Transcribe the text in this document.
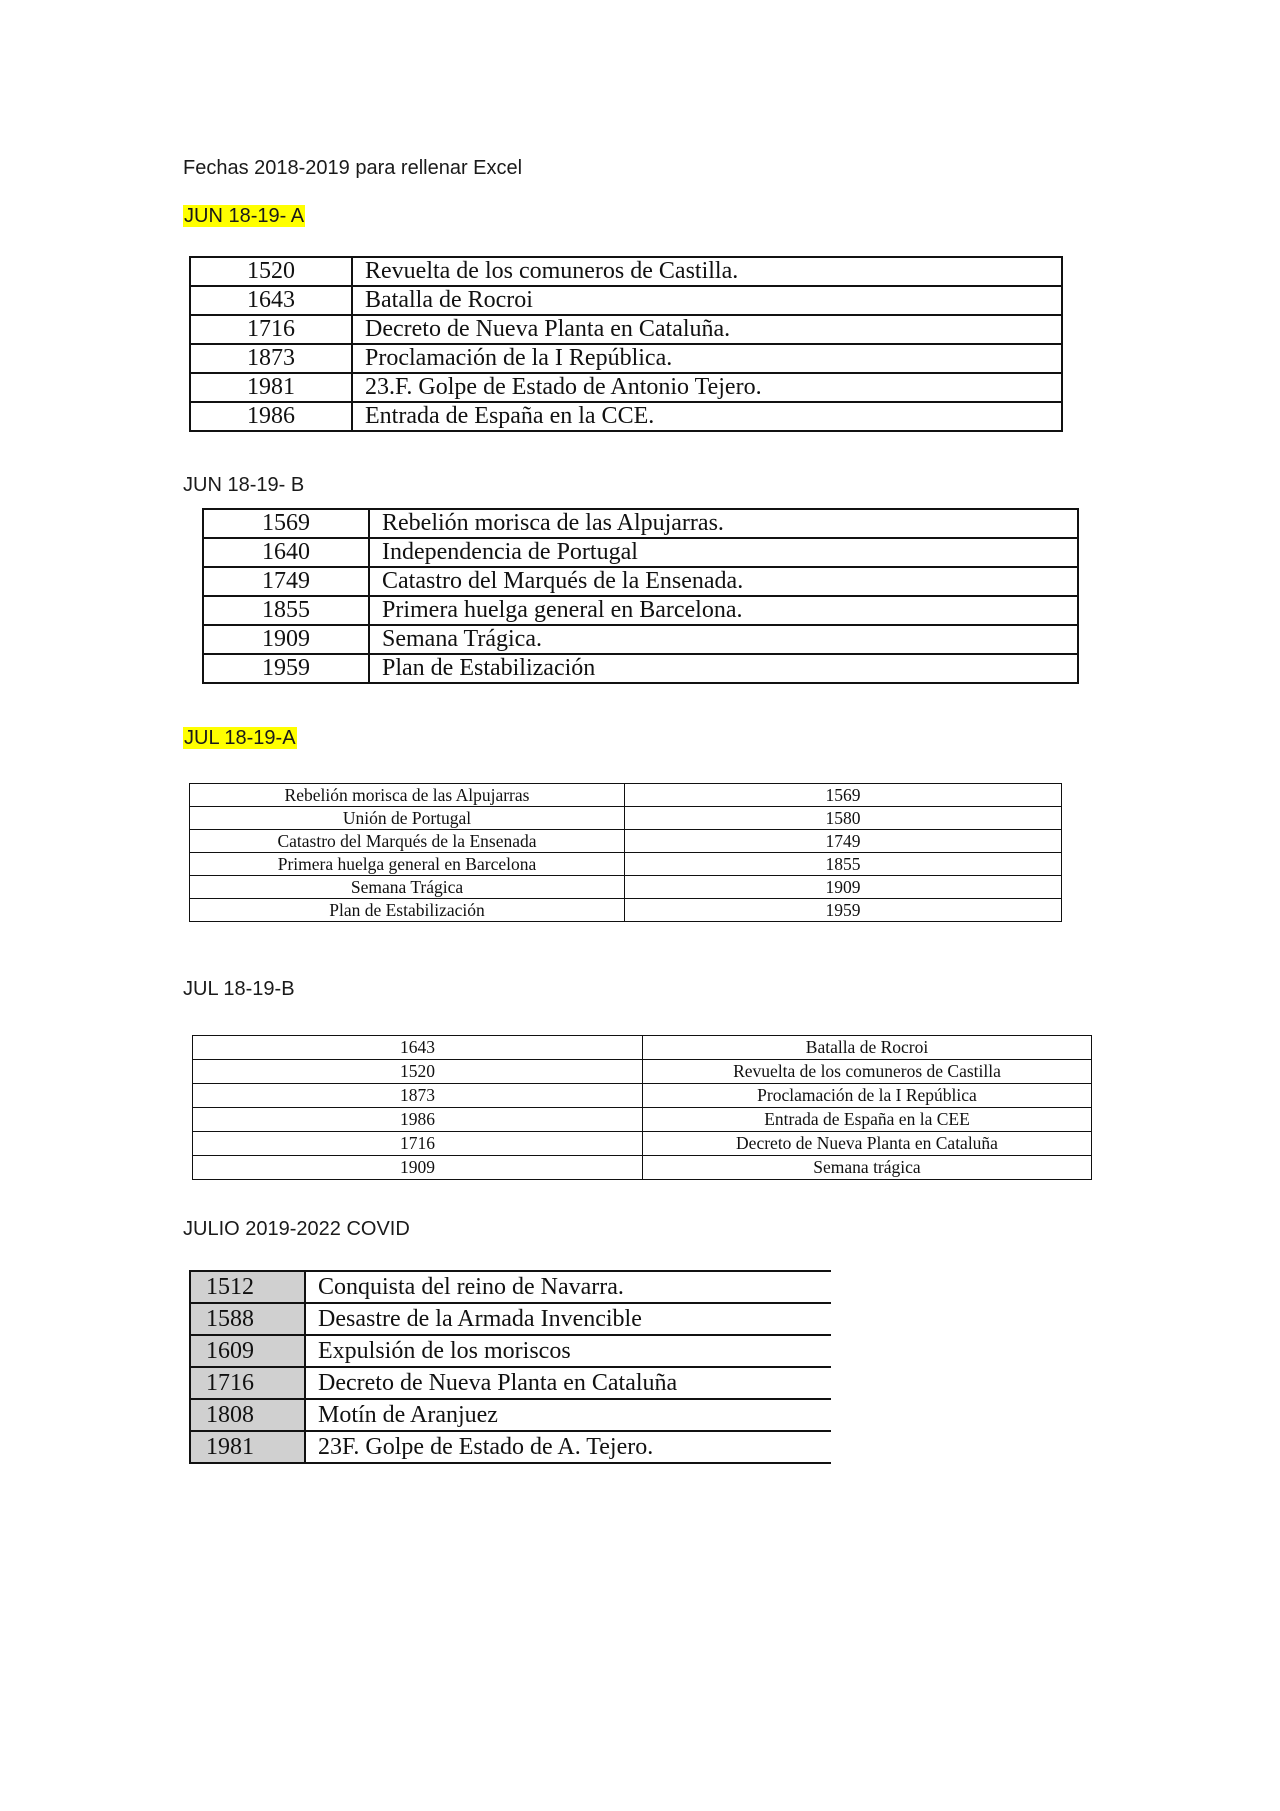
Fechas 2018-2019 para rellenar Excel
JUN 18-19- A
1520	Revuelta de los comuneros de Castilla.
1643	Batalla de Rocroi
1716	Decreto de Nueva Planta en Cataluña.
1873	Proclamación de la I República.
1981	23.F. Golpe de Estado de Antonio Tejero.
1986	Entrada de España en la CCE.
JUN 18-19- B
1569	Rebelión morisca de las Alpujarras.
1640	Independencia de Portugal
1749	Catastro del Marqués de la Ensenada.
1855	Primera huelga general en Barcelona.
1909	Semana Trágica.
1959	Plan de Estabilización
JUL 18-19-A
Rebelión morisca de las Alpujarras	1569
Unión de Portugal	1580
Catastro del Marqués de la Ensenada	1749
Primera huelga general en Barcelona	1855
Semana Trágica	1909
Plan de Estabilización	1959
JUL 18-19-B
1643	Batalla de Rocroi
1520	Revuelta de los comuneros de Castilla
1873	Proclamación de la I República
1986	Entrada de España en la CEE
1716	Decreto de Nueva Planta en Cataluña
1909	Semana trágica
JULIO 2019-2022 COVID
1512	Conquista del reino de Navarra.
1588	Desastre de la Armada Invencible
1609	Expulsión de los moriscos
1716	Decreto de Nueva Planta en Cataluña
1808	Motín de Aranjuez
1981	23F. Golpe de Estado de A. Tejero.
